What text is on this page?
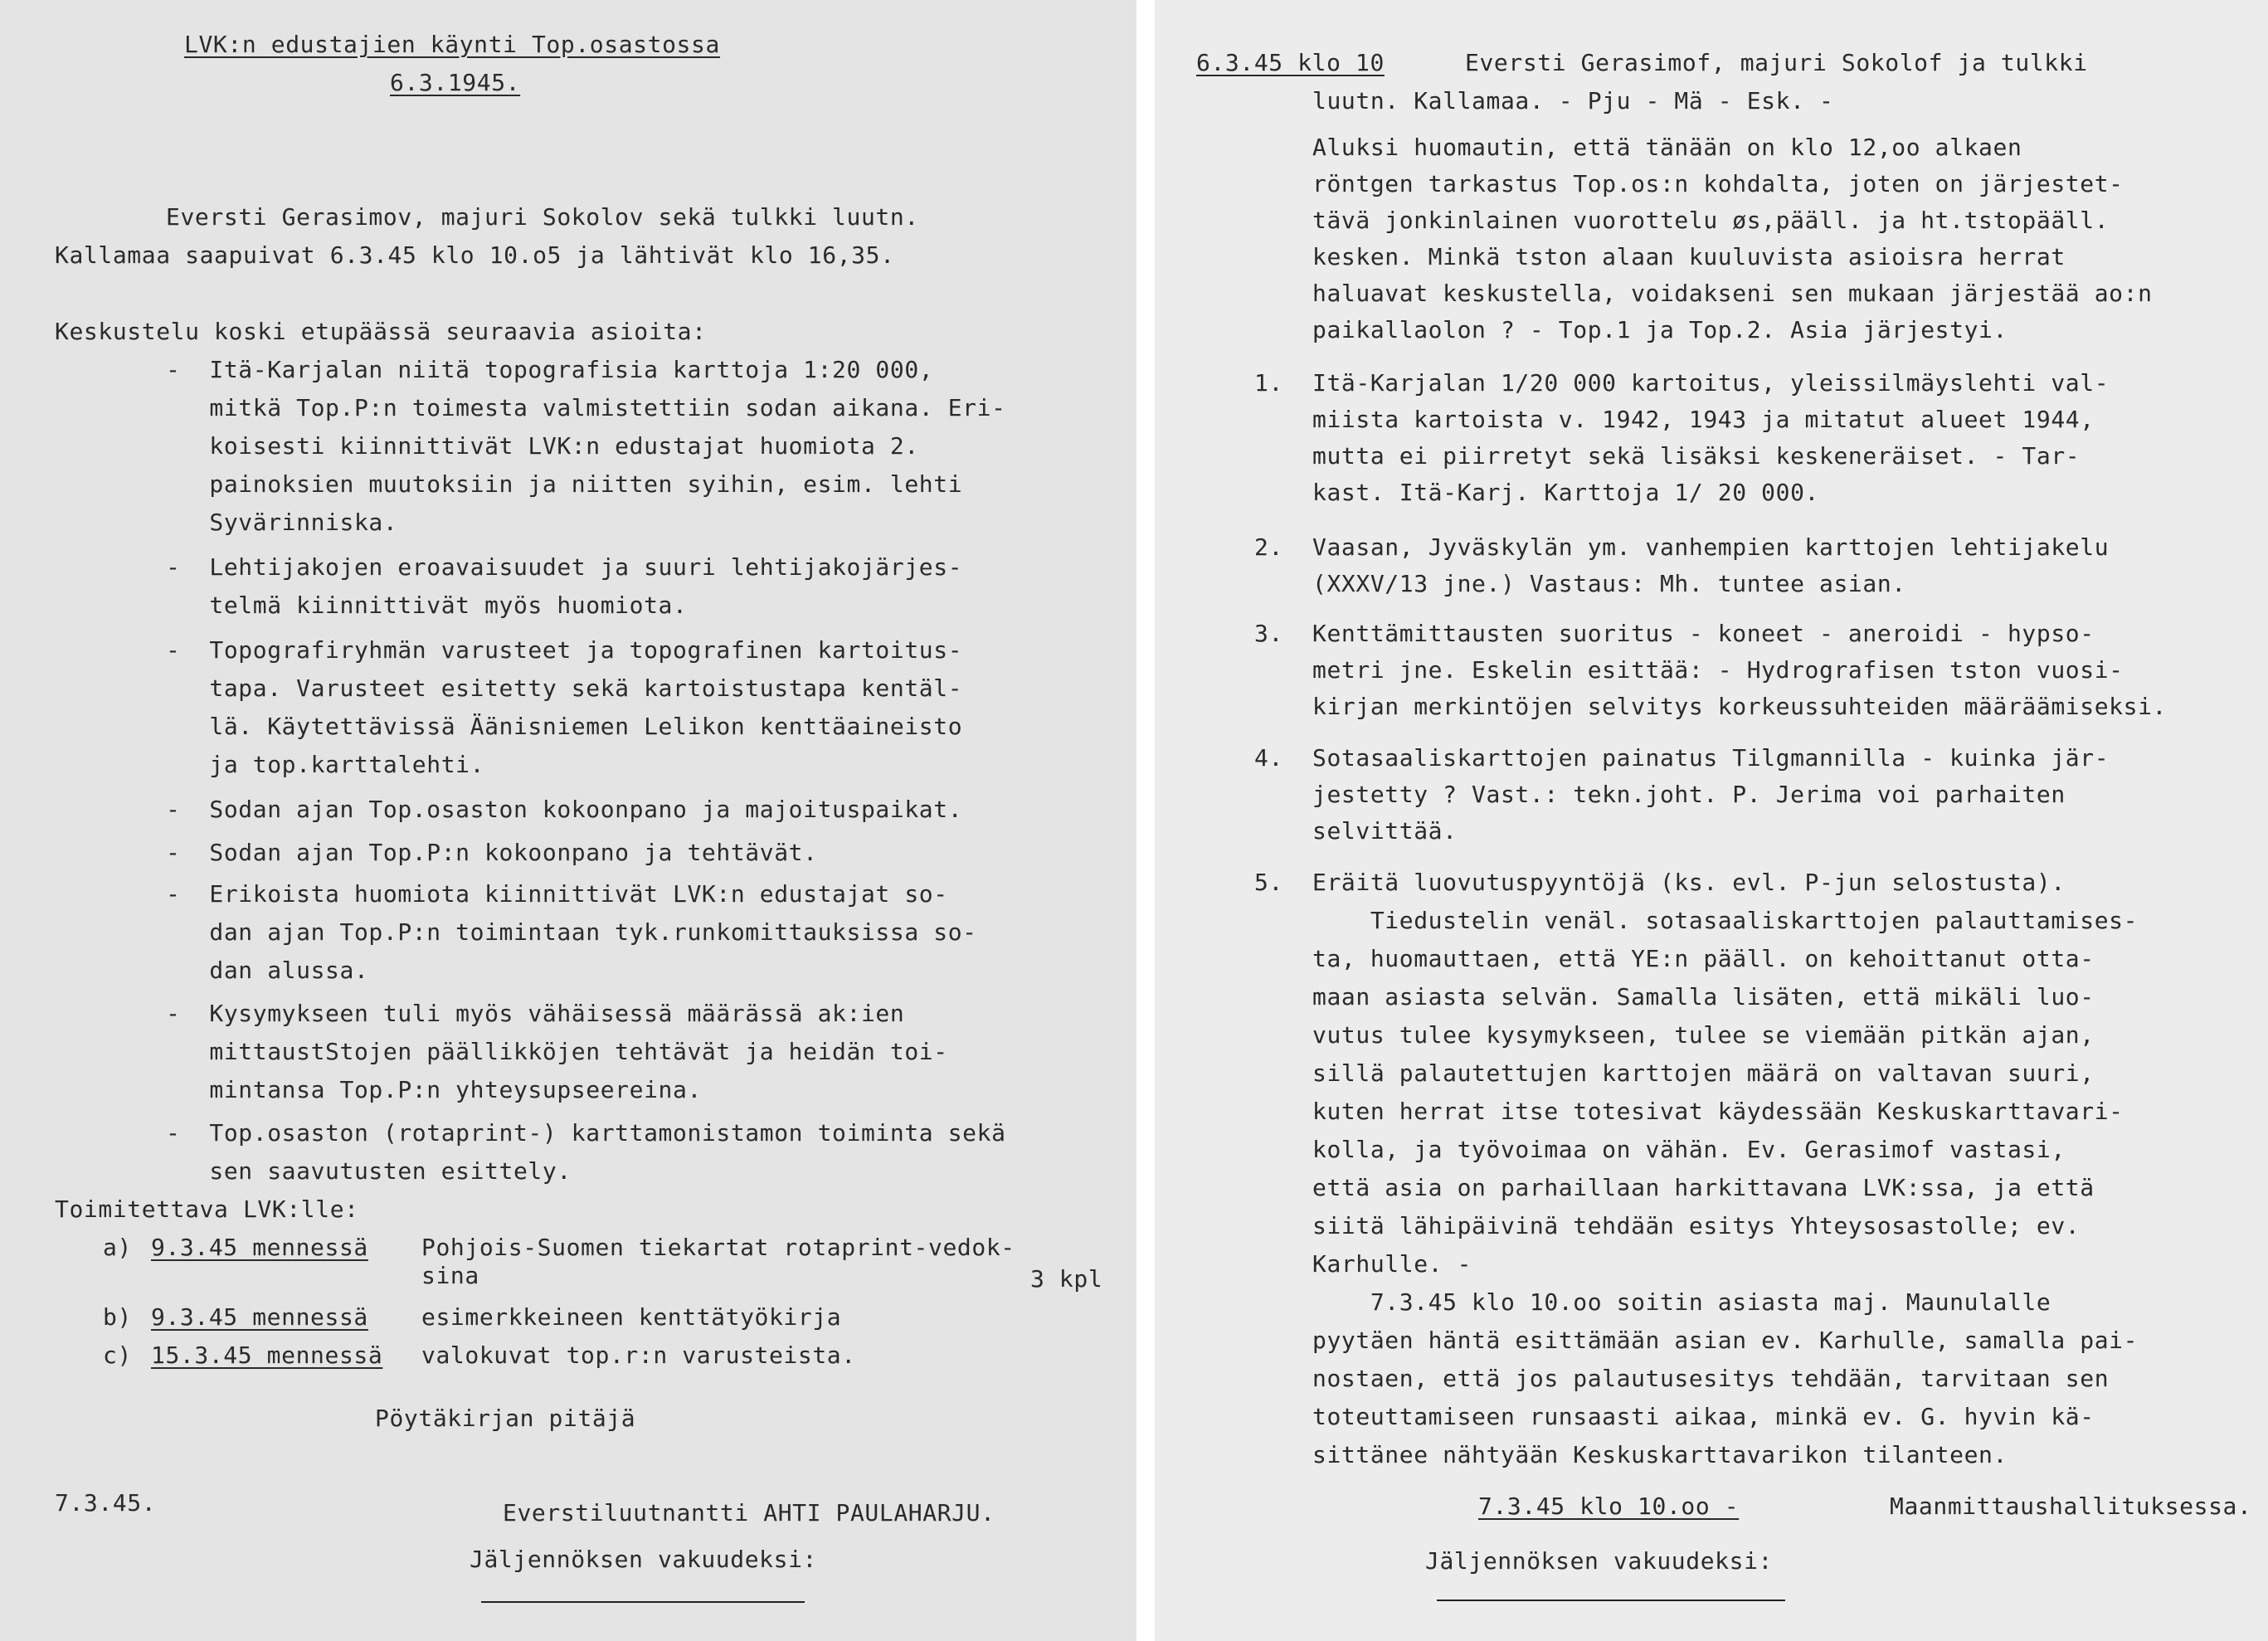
LVK:n edustajien käynti Top.osastossa
6.3.1945.
Eversti Gerasimov, majuri Sokolov sekä tulkki luutn.
Kallamaa saapuivat 6.3.45 klo 10.o5 ja lähtivät klo 16,35.
Keskustelu koski etupäässä seuraavia asioita:
-  Itä-Karjalan niitä topografisia karttoja 1:20 000,
mitkä Top.P:n toimesta valmistettiin sodan aikana. Eri-
koisesti kiinnittivät LVK:n edustajat huomiota 2.
painoksien muutoksiin ja niitten syihin, esim. lehti
Syvärinniska.
-  Lehtijakojen eroavaisuudet ja suuri lehtijakojärjes-
telmä kiinnittivät myös huomiota.
-  Topografiryhmän varusteet ja topografinen kartoitus-
tapa. Varusteet esitetty sekä kartoistustapa kentäl-
lä. Käytettävissä Äänisniemen Lelikon kenttäaineisto
ja top.karttalehti.
-  Sodan ajan Top.osaston kokoonpano ja majoituspaikat.
-  Sodan ajan Top.P:n kokoonpano ja tehtävät.
-  Erikoista huomiota kiinnittivät LVK:n edustajat so-
dan ajan Top.P:n toimintaan tyk.runkomittauksissa so-
dan alussa.
-  Kysymykseen tuli myös vähäisessä määrässä ak:ien
mittaustStojen päällikköjen tehtävät ja heidän toi-
mintansa Top.P:n yhteysupseereina.
-  Top.osaston (rotaprint-) karttamonistamon toiminta sekä
sen saavutusten esittely.
Toimitettava LVK:lle:
a) 9.3.45 mennessä Pohjois-Suomen tiekartat rotaprint-vedok-
sina	3 kpl
b) 9.3.45 mennessä esimerkkeineen kenttätyökirja
c) 15.3.45 mennessä valokuvat top.r:n varusteista.
Pöytäkirjan pitäjä
Everstiluutnantti AHTI PAULAHARJU.
7.3.45.
Jäljennöksen vakuudeksi:
6.3.45 klo 10	Eversti Gerasimof, majuri Sokolof ja tulkki
luutn. Kallamaa. - Pju - Mä - Esk. -
Aluksi huomautin, että tänään on klo 12,oo alkaen
röntgen tarkastus Top.os:n kohdalta, joten on järjestet-
tävä jonkinlainen vuorottelu øs,pääll. ja ht.tstopääll.
kesken. Minkä tston alaan kuuluvista asioisra herrat
haluavat keskustella, voidakseni sen mukaan järjestää ao:n
paikallaolon ? - Top.1 ja Top.2. Asia järjestyi.
1. Itä-Karjalan 1/20 000 kartoitus, yleissilmäyslehti val-
miista kartoista v. 1942, 1943 ja mitatut alueet 1944,
mutta ei piirretyt sekä lisäksi keskeneräiset. - Tar-
kast. Itä-Karj. Karttoja 1/ 20 000.
2. Vaasan, Jyväskylän ym. vanhempien karttojen lehtijakelu
(XXXV/13 jne.) Vastaus: Mh. tuntee asian.
3. Kenttämittausten suoritus - koneet - aneroidi - hypso-
metri jne. Eskelin esittää: - Hydrografisen tston vuosi-
kirjan merkintöjen selvitys korkeussuhteiden määräämiseksi.
4. Sotasaaliskarttojen painatus Tilgmannilla - kuinka jär-
jestetty ? Vast.: tekn.joht. P. Jerima voi parhaiten
selvittää.
5. Eräitä luovutuspyyntöjä (ks. evl. P-jun selostusta).
Tiedustelin venäl. sotasaaliskarttojen palauttamises-
ta, huomauttaen, että YE:n pääll. on kehoittanut otta-
maan asiasta selvän. Samalla lisäten, että mikäli luo-
vutus tulee kysymykseen, tulee se viemään pitkän ajan,
sillä palautettujen karttojen määrä on valtavan suuri,
kuten herrat itse totesivat käydessään Keskuskarttavari-
kolla, ja työvoimaa on vähän. Ev. Gerasimof vastasi,
että asia on parhaillaan harkittavana LVK:ssa, ja että
siitä lähipäivinä tehdään esitys Yhteysosastolle; ev.
Karhulle. -
7.3.45 klo 10.oo soitin asiasta maj. Maunulalle
pyytäen häntä esittämään asian ev. Karhulle, samalla pai-
nostaen, että jos palautusesitys tehdään, tarvitaan sen
toteuttamiseen runsaasti aikaa, minkä ev. G. hyvin kä-
sittänee nähtyään Keskuskarttavarikon tilanteen.
7.3.45 klo 10.oo -	Maanmittaushallituksessa.
Jäljennöksen vakuudeksi:
